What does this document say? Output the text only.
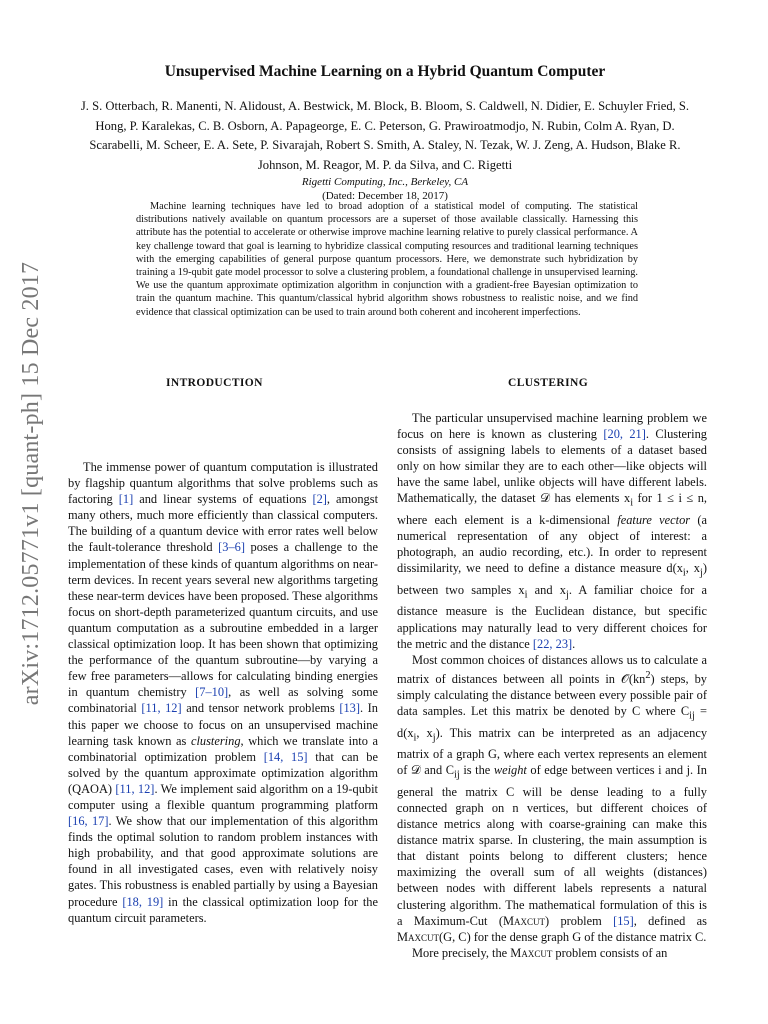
arXiv:1712.05771v1 [quant-ph] 15 Dec 2017

Unsupervised Machine Learning on a Hybrid Quantum Computer

J. S. Otterbach, R. Manenti, N. Alidoust, A. Bestwick, M. Block, B. Bloom, S. Caldwell, N. Didier, E. Schuyler Fried, S. Hong, P. Karalekas, C. B. Osborn, A. Papageorge, E. C. Peterson, G. Prawiroatmodjo, N. Rubin, Colm A. Ryan, D. Scarabelli, M. Scheer, E. A. Sete, P. Sivarajah, Robert S. Smith, A. Staley, N. Tezak, W. J. Zeng, A. Hudson, Blake R. Johnson, M. Reagor, M. P. da Silva, and C. Rigetti

Rigetti Computing, Inc., Berkeley, CA

(Dated: December 18, 2017)

Machine learning techniques have led to broad adoption of a statistical model of computing. The statistical distributions natively available on quantum processors are a superset of those available classically. Harnessing this attribute has the potential to accelerate or otherwise improve machine learning relative to purely classical performance. A key challenge toward that goal is learning to hybridize classical computing resources and traditional learning techniques with the emerging capabilities of general purpose quantum processors. Here, we demonstrate such hybridization by training a 19-qubit gate model processor to solve a clustering problem, a foundational challenge in unsupervised learning. We use the quantum approximate optimization algorithm in conjunction with a gradient-free Bayesian optimization to train the quantum machine. This quantum/classical hybrid algorithm shows robustness to realistic noise, and we find evidence that classical optimization can be used to train around both coherent and incoherent imperfections.

INTRODUCTION	CLUSTERING

The immense power of quantum computation is illustrated by flagship quantum algorithms that solve problems such as factoring [1] and linear systems of equations [2], amongst many others, much more efficiently than classical computers. The building of a quantum device with error rates well below the fault-tolerance threshold [3–6] poses a challenge to the implementation of these kinds of quantum algorithms on near-term devices. In recent years several new algorithms targeting these near-term devices have been proposed. These algorithms focus on short-depth parameterized quantum circuits, and use quantum computation as a subroutine embedded in a larger classical optimization loop. It has been shown that optimizing the performance of the quantum subroutine—by varying a few free parameters—allows for calculating binding energies in quantum chemistry [7–10], as well as solving some combinatorial [11, 12] and tensor network problems [13]. In this paper we choose to focus on an unsupervised machine learning task known as clustering, which we translate into a combinatorial optimization problem [14, 15] that can be solved by the quantum approximate optimization algorithm (QAOA) [11, 12]. We implement said algorithm on a 19-qubit computer using a flexible quantum programming platform [16, 17]. We show that our implementation of this algorithm finds the optimal solution to random problem instances with high probability, and that good approximate solutions are found in all investigated cases, even with relatively noisy gates. This robustness is enabled partially by using a Bayesian procedure [18, 19] in the classical optimization loop for the quantum circuit parameters.

The particular unsupervised machine learning problem we focus on here is known as clustering [20, 21]. Clustering consists of assigning labels to elements of a dataset based only on how similar they are to each other—like objects will have the same label, unlike objects will have different labels. Mathematically, the dataset 𝒟 has elements $x_i$ for 1 ≤ i ≤ n, where each element is a k-dimensional feature vector (a numerical representation of any object of interest: a photograph, an audio recording, etc.). In order to represent dissimilarity, we need to define a distance measure $d(x_i$, $x_j$) between two samples $x_i$ and $x_j$. A familiar choice for a distance measure is the Euclidean distance, but specific applications may naturally lead to very different choices for the metric and the distance [22, 23].

Most common choices of distances allows us to calculate a matrix of distances between all points in $𝒪(kn^2)$ steps, by simply calculating the distance between every possible pair of data samples. Let this matrix be denoted by C where $C_{ij} = d(x_i$, $x_j$). This matrix can be interpreted as an adjacency matrix of a graph G, where each vertex represents an element of 𝒟 and $C_{ij}$ is the weight of edge between vertices i and j. In general the matrix C will be dense leading to a fully connected graph on n vertices, but different choices of distance metrics along with coarse-graining can make this distance matrix sparse. In clustering, the main assumption is that distant points belong to different clusters; hence maximizing the overall sum of all weights (distances) between nodes with different labels represents a natural clustering algorithm. The mathematical formulation of this is a Maximum-Cut (Maxcut) problem [15], defined as Maxcut(G, C) for the dense graph G of the distance matrix C.

More precisely, the Maxcut problem consists of an
